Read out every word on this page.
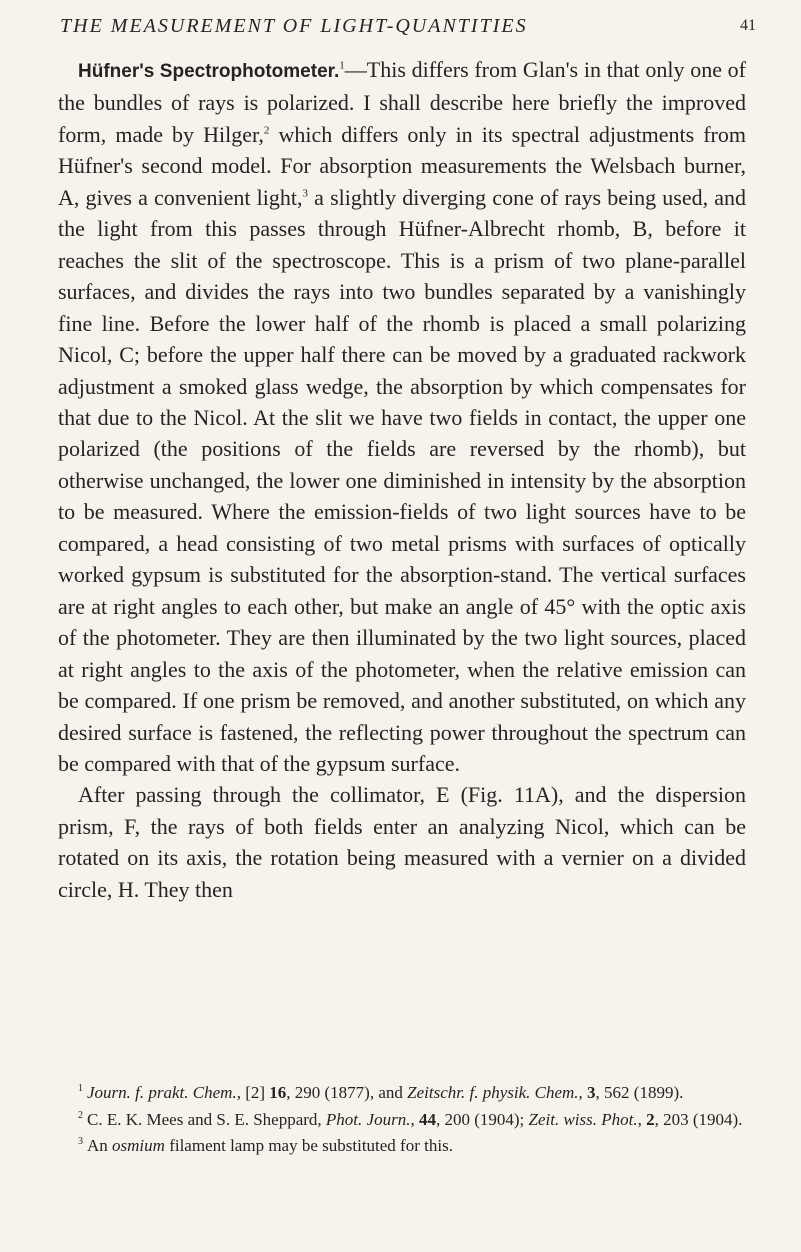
THE MEASUREMENT OF LIGHT-QUANTITIES	41

Hüfner's Spectrophotometer.$^1$—This differs from Glan's in that only one of the bundles of rays is polarized. I shall describe here briefly the improved form, made by Hilger,$^2$ which differs only in its spectral adjustments from Hüfner's second model. For absorption measurements the Welsbach burner, A, gives a convenient light,$^3$ a slightly diverging cone of rays being used, and the light from this passes through Hüfner-Albrecht rhomb, B, before it reaches the slit of the spectroscope. This is a prism of two plane-parallel surfaces, and divides the rays into two bundles separated by a vanishingly fine line. Before the lower half of the rhomb is placed a small polarizing Nicol, C; before the upper half there can be moved by a graduated rackwork adjustment a smoked glass wedge, the absorption by which compensates for that due to the Nicol. At the slit we have two fields in contact, the upper one polarized (the positions of the fields are reversed by the rhomb), but otherwise unchanged, the lower one diminished in intensity by the absorption to be measured. Where the emission-fields of two light sources have to be compared, a head consisting of two metal prisms with surfaces of optically worked gypsum is substituted for the absorption-stand. The vertical surfaces are at right angles to each other, but make an angle of 45° with the optic axis of the photometer. They are then illuminated by the two light sources, placed at right angles to the axis of the photometer, when the relative emission can be compared. If one prism be removed, and another substituted, on which any desired surface is fastened, the reflecting power throughout the spectrum can be compared with that of the gypsum surface.

After passing through the collimator, E (Fig. 11A), and the dispersion prism, F, the rays of both fields enter an analyzing Nicol, which can be rotated on its axis, the rotation being measured with a vernier on a divided circle, H. They then

$^1$ Journ. f. prakt. Chem., [2] 16, 290 (1877), and Zeitschr. f. physik. Chem., 3, 562 (1899).

$^2$ C. E. K. Mees and S. E. Sheppard, Phot. Journ., 44, 200 (1904); Zeit. wiss. Phot., 2, 203 (1904).

$^3$ An osmium filament lamp may be substituted for this.
